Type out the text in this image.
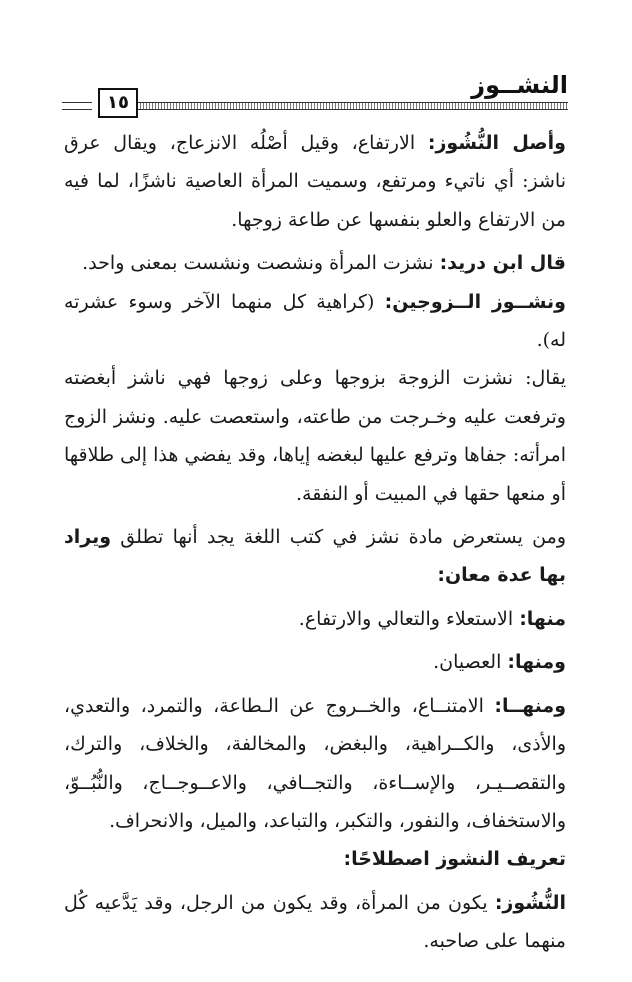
النشــوز
١٥

وأصل النُّشُوز: الارتفاع، وقيل أصْلُه الانزعاج، ويقال عرق ناشز: أي ناتيء ومرتفع، وسميت المرأة العاصية ناشزًا، لما فيه من الارتفاع والعلو بنفسها عن طاعة زوجها.

قال ابن دريد: نشزت المرأة ونشصت ونشست بمعنى واحد.

ونشــوز الــزوجين: (كراهية كل منهما الآخر وسوء عشرته له).

يقال: نشزت الزوجة بزوجها وعلى زوجها فهي ناشز أبغضته وترفعت عليه وخـرجت من طاعته، واستعصت عليه. ونشز الزوج امرأته: جفاها وترفع عليها لبغضه إياها، وقد يفضي هذا إلى طلاقها أو منعها حقها في المبيت أو النفقة.

ومن يستعرض مادة نشز في كتب اللغة يجد أنها تطلق ويراد بها عدة معان:

منها: الاستعلاء والتعالي والارتفاع.

ومنها: العصيان.

ومنهــا: الامتنــاع، والخــروج عن الـطاعة، والتمرد، والتعدي، والأذى، والكــراهية، والبغض، والمخالفة، والخلاف، والترك، والتقصــيـر، والإســاءة، والتجــافي، والاعــوجــاج، والنُّبُــوّ، والاستخفاف، والنفور، والتكبر، والتباعد، والميل، والانحراف.

تعريف النشوز اصطلاحًا:

النُّشُوز: يكون من المرأة، وقد يكون من الرجل، وقد يَدَّعيه كُل منهما على صاحبه.
